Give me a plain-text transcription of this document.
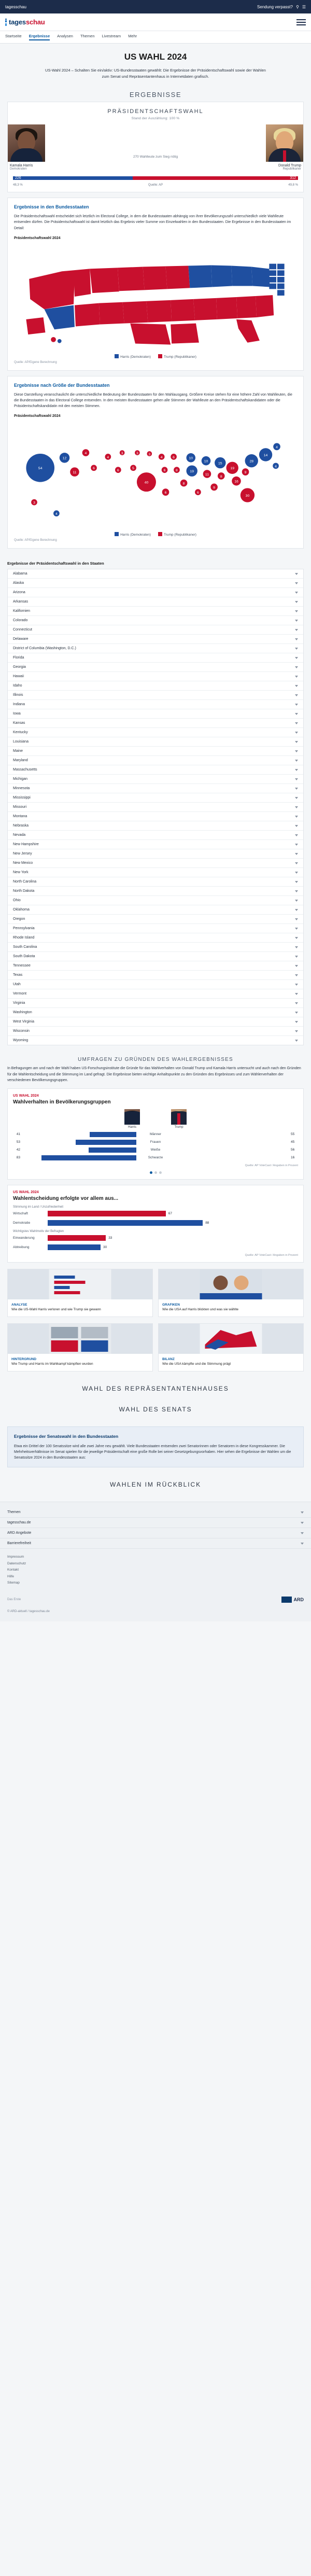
tagesschau	Sendung verpasst? ⚲ ☰
tagesschau
Startseite Ergebnisse Analysen Themen Livestream Mehr
US WAHL 2024
US-Wahl 2024 – Schalten Sie ein/aktiv: US-Bundesstaaten gewählt: Die Ergebnisse der Präsidentschaftswahl sowie der Wahlen zum Senat und Repräsentantenhaus in Internetdaten grafisch.
ERGEBNISSE
PRÄSIDENTSCHAFTSWAHL
Stand der Auszählung: 100 %
270 Wahlleute zum Sieg nötig
Kamala Harris
Demokraten
Donald Trump
Republikaner
226	312
48,3 %	Quelle: AP	49,8 %
Ergebnisse in den Bundesstaaten
Die Präsidentschaftswahl entscheidet sich letztlich im Electoral College, in dem die Bundesstaaten abhängig von ihrer Bevölkerungszahl unterschiedlich viele Wahlleute entsenden dürfen. Die Präsidentschaftswahl ist damit letztlich das Ergebnis vieler Summe von Einzelwahlen in den Bundesstaaten. Die Ergebnisse in den Bundesstaaten im Detail:
Präsidentschaftswahl 2024
Harris (Demokraten)	Trump (Republikaner)
Quelle: AP/Eigene Berechnung
Ergebnisse nach Größe der Bundesstaaten
Diese Darstellung veranschaulicht die unterschiedliche Bedeutung der Bundesstaaten für den Wahlausgang. Größere Kreise stehen für eine höhere Zahl von Wahlleuten, die die Bundesstaaten in das Electoral College entsenden. In den meisten Bundesstaaten gehen alle Stimmen der Wahlleute an den Präsidentschaftskandidaten oder die Präsidentschaftskandidatin mit den meisten Stimmen.
Präsidentschaftswahl 2024
54
12
4
11
6
4
3
6
5
3	3
40
4
6
6
8
6
8
10
19
6
10
11
9
15
8
19
16
9
30
28
14
4
4
3
4
Harris (Demokraten)	Trump (Republikaner)
Quelle: AP/Eigene Berechnung
Ergebnisse der Präsidentschaftswahl in den Staaten
Alabama
Alaska
Arizona
Arkansas
Kalifornien
Colorado
Connecticut
Delaware
District of Columbia (Washington, D.C.)
Florida
Georgia
Hawaii
Idaho
Illinois
Indiana
Iowa
Kansas
Kentucky
Louisiana
Maine
Maryland
Massachusetts
Michigan
Minnesota
Mississippi
Missouri
Montana
Nebraska
Nevada
New Hampshire
New Jersey
New Mexico
New York
North Carolina
North Dakota
Ohio
Oklahoma
Oregon
Pennsylvania
Rhode Island
South Carolina
South Dakota
Tennessee
Texas
Utah
Vermont
Virginia
Washington
West Virginia
Wisconsin
Wyoming
UMFRAGEN ZU GRÜNDEN DES WAHLERGEBNISSES
In Befragungen am und nach der Wahl haben US-Forschungsinstitute die Gründe für das Wahlverhalten von Donald Trump und Kamala Harris untersucht und auch nach den Gründen für die Wahlentscheidung und die Stimmung im Land gefragt. Die Ergebnisse bieten wichtige Anhaltspunkte zu den Gründen des Ergebnisses und zum Wählerverhalten der verschiedenen Bevölkerungsgruppen.
US WAHL 2024
Wahlverhalten in Bevölkerungsgruppen
Harris	Trump
41	Männer	55
53	Frauen	45
42	Weiße	56
83	Schwarze	16
Quelle: AP VoteCast / Angaben in Prozent
US WAHL 2024
Wahlentscheidung erfolgte vor allem aus...
Stimmung im Land / Unzufriedenheit
Wirtschaft	67
Demokratie	88
Wichtigstes Wahlmotiv der Befragten
Einwanderung	33
Abtreibung	30
Quelle: AP VoteCast / Angaben in Prozent
ANALYSE
Wie die US-Wahl Harris verloren und wie Trump sie gewann
GRAFIKEN
Wie die USA auf Harris blickten und was sie wählte
HINTERGRUND
Wie Trump und Harris im Wahlkampf kämpften wurden
BILANZ
Wie die USA kämpfte und die Stimmung prägt
WAHL DES REPRÄSENTANTENHAUSES
WAHL DES SENATS
Ergebnisse der Senatswahl in den Bundesstaaten
Etwa ein Drittel der 100 Senatssitze wird alle zwei Jahre neu gewählt. Viele Bundesstaaten entsenden zwei Senatorinnen oder Senatoren in diese Kongresskammer. Die Mehrheitsverhältnisse im Senat spielen für die jeweilige Präsidentschaft eine große Rolle bei seiner Gesetzgebungsvorhaben. Hier sehen die Ergebnisse der Wahlen um die Senatssitze 2024 in den Bundesstaaten aus:
WAHLEN IM RÜCKBLICK
Themen
tagesschau.de
ARD Angebote
Barrierefreiheit
Impressum
Datenschutz
Kontakt
Hilfe
Sitemap
Das Erste	ARD
© ARD-aktuell / tagesschau.de
